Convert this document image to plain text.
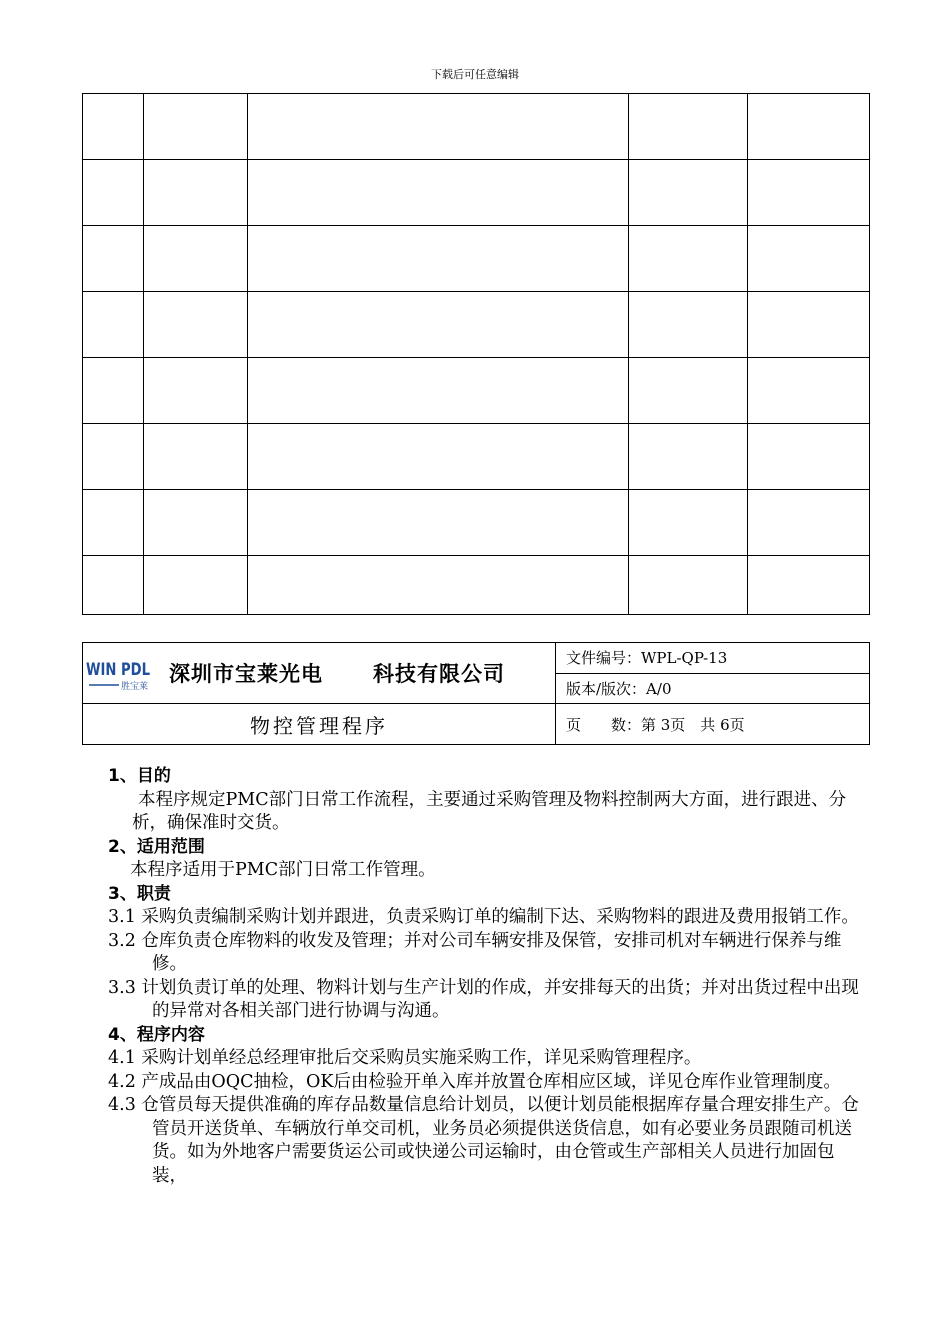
下载后可任意编辑

WIN PDL
胜宝莱
深圳市宝莱光电 科技有限公司	文件编号：WPL-QP-13
	版本/版次：A/0
物控管理程序	页　　数：第 3页　共 6页

1、目的

本程序规定PMC部门日常工作流程，主要通过采购管理及物料控制两大方面，进行跟进、分析，确保准时交货。

2、适用范围

本程序适用于PMC部门日常工作管理。

3、职责

3.1 采购负责编制采购计划并跟进，负责采购订单的编制下达、采购物料的跟进及费用报销工作。

3.2 仓库负责仓库物料的收发及管理；并对公司车辆安排及保管，安排司机对车辆进行保养与维修。

3.3 计划负责订单的处理、物料计划与生产计划的作成，并安排每天的出货；并对出货过程中出现的异常对各相关部门进行协调与沟通。

4、程序内容

4.1 采购计划单经总经理审批后交采购员实施采购工作，详见采购管理程序。

4.2 产成品由OQC抽检，OK后由检验开单入库并放置仓库相应区域，详见仓库作业管理制度。

4.3 仓管员每天提供准确的库存品数量信息给计划员，以便计划员能根据库存量合理安排生产。仓管员开送货单、车辆放行单交司机，业务员必须提供送货信息，如有必要业务员跟随司机送货。如为外地客户需要货运公司或快递公司运输时，由仓管或生产部相关人员进行加固包装，
